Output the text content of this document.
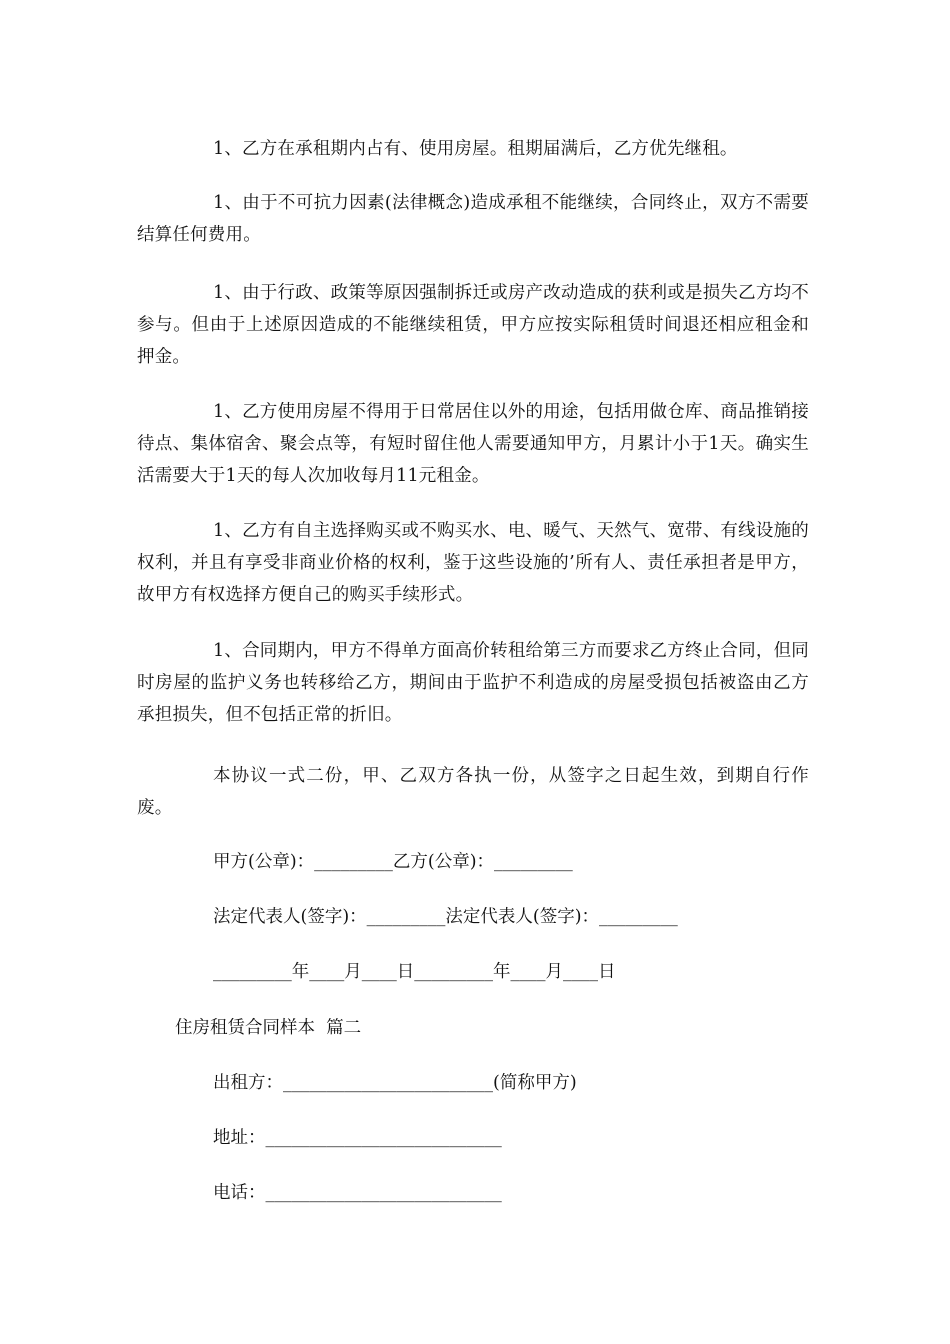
1、乙方在承租期内占有、使用房屋。租期届满后，乙方优先继租。

1、由于不可抗力因素(法律概念)造成承租不能继续，合同终止，双方不需要结算任何费用。

1、由于行政、政策等原因强制拆迁或房产改动造成的获利或是损失乙方均不参与。但由于上述原因造成的不能继续租赁，甲方应按实际租赁时间退还相应租金和押金。

1、乙方使用房屋不得用于日常居住以外的用途，包括用做仓库、商品推销接待点、集体宿舍、聚会点等，有短时留住他人需要通知甲方，月累计小于1天。确实生活需要大于1天的每人次加收每月11元租金。

1、乙方有自主选择购买或不购买水、电、暖气、天然气、宽带、有线设施的权利，并且有享受非商业价格的权利，鉴于这些设施的’所有人、责任承担者是甲方，故甲方有权选择方便自己的购买手续形式。

1、合同期内，甲方不得单方面高价转租给第三方而要求乙方终止合同，但同时房屋的监护义务也转移给乙方，期间由于监护不利造成的房屋受损包括被盗由乙方承担损失，但不包括正常的折旧。

本协议一式二份，甲、乙双方各执一份，从签字之日起生效，到期自行作废。

甲方(公章)：_________乙方(公章)：_________

法定代表人(签字)：_________法定代表人(签字)：_________

_________年____月____日_________年____月____日

住房租赁合同样本  篇二

出租方：________________________(简称甲方)

地址：___________________________

电话：___________________________
